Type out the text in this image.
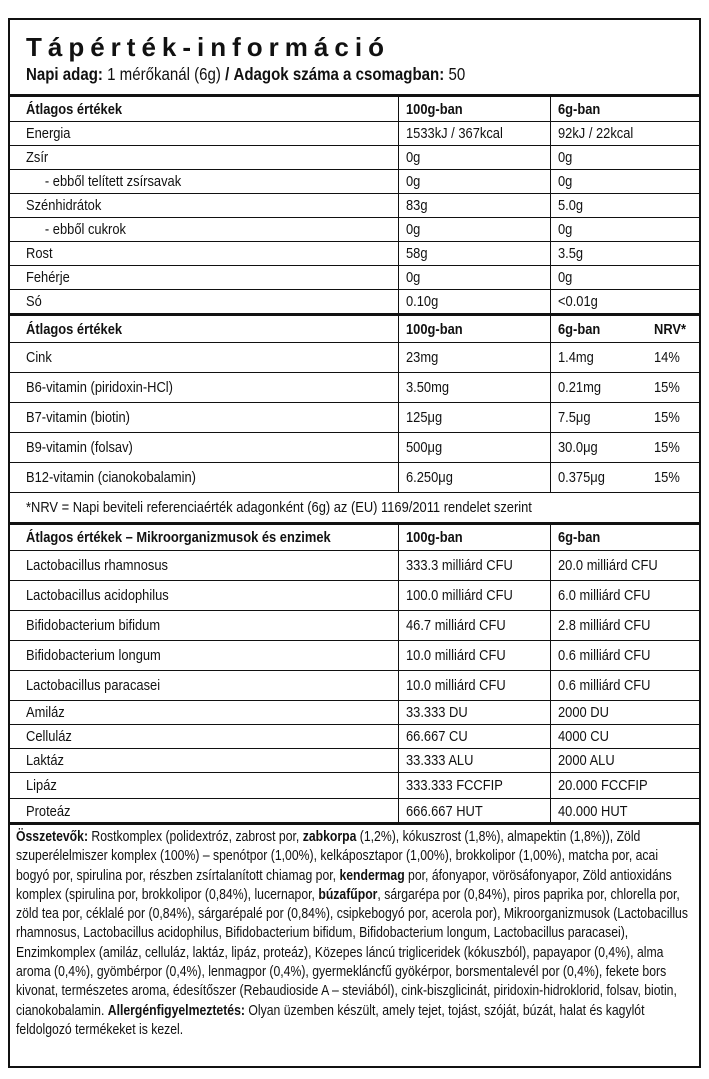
Tápérték-információ
Napi adag: 1 mérőkanál (6g) / Adagok száma a csomagban: 50
Átlagos értékek	100g-ban	6g-ban
Energia	1533kJ / 367kcal	92kJ / 22kcal
Zsír	0g	0g
- ebből telített zsírsavak	0g	0g
Szénhidrátok	83g	5.0g
- ebből cukrok	0g	0g
Rost	58g	3.5g
Fehérje	0g	0g
Só	0.10g	<0.01g
Átlagos értékek	100g-ban	6g-ban	NRV*
Cink	23mg	1.4mg	14%
B6-vitamin (piridoxin-HCl)	3.50mg	0.21mg	15%
B7-vitamin (biotin)	125μg	7.5μg	15%
B9-vitamin (folsav)	500μg	30.0μg	15%
B12-vitamin (cianokobalamin)	6.250μg	0.375μg	15%
*NRV = Napi beviteli referenciaérték adagonként (6g) az (EU) 1169/2011 rendelet szerint
Átlagos értékek – Mikroorganizmusok és enzimek	100g-ban	6g-ban
Lactobacillus rhamnosus	333.3 milliárd CFU	20.0 milliárd CFU
Lactobacillus acidophilus	100.0 milliárd CFU	6.0 milliárd CFU
Bifidobacterium bifidum	46.7 milliárd CFU	2.8 milliárd CFU
Bifidobacterium longum	10.0 milliárd CFU	0.6 milliárd CFU
Lactobacillus paracasei	10.0 milliárd CFU	0.6 milliárd CFU
Amiláz	33.333 DU	2000 DU
Celluláz	66.667 CU	4000 CU
Laktáz	33.333 ALU	2000 ALU
Lipáz	333.333 FCCFIP	20.000 FCCFIP
Proteáz	666.667 HUT	40.000 HUT
Összetevők: Rostkomplex (polidextróz, zabrost por, zabkorpa (1,2%), kókuszrost (1,8%), almapektin (1,8%)), Zöld szuperélelmiszer komplex (100%) – spenótpor (1,00%), kelkáposztapor (1,00%), brokkolipor (1,00%), matcha por, acai bogyó por, spirulina por, részben zsírtalanított chiamag por, kendermag por, áfonyapor, vörösáfonyapor, Zöld antioxidáns komplex (spirulina por, brokkolipor (0,84%), lucernapor, búzafűpor, sárgarépa por (0,84%), piros paprika por, chlorella por, zöld tea por, céklalé por (0,84%), sárgarépalé por (0,84%), csipkebogyó por, acerola por), Mikroorganizmusok (Lactobacillus rhamnosus, Lactobacillus acidophilus, Bifidobacterium bifidum, Bifidobacterium longum, Lactobacillus paracasei), Enzimkomplex (amiláz, celluláz, laktáz, lipáz, proteáz), Közepes láncú trigliceridek (kókuszból), papayapor (0,4%), alma aroma (0,4%), gyömbérpor (0,4%), lenmagpor (0,4%), gyermekláncfű gyökérpor, borsmentalevél por (0,4%), fekete bors kivonat, természetes aroma, édesítőszer (Rebaudioside A – steviából), cink-biszglicinát, piridoxin-hidroklorid, folsav, biotin, cianokobalamin. Allergénfigyelmeztetés: Olyan üzemben készült, amely tejet, tojást, szóját, búzát, halat és kagylót feldolgozó termékeket is kezel.
